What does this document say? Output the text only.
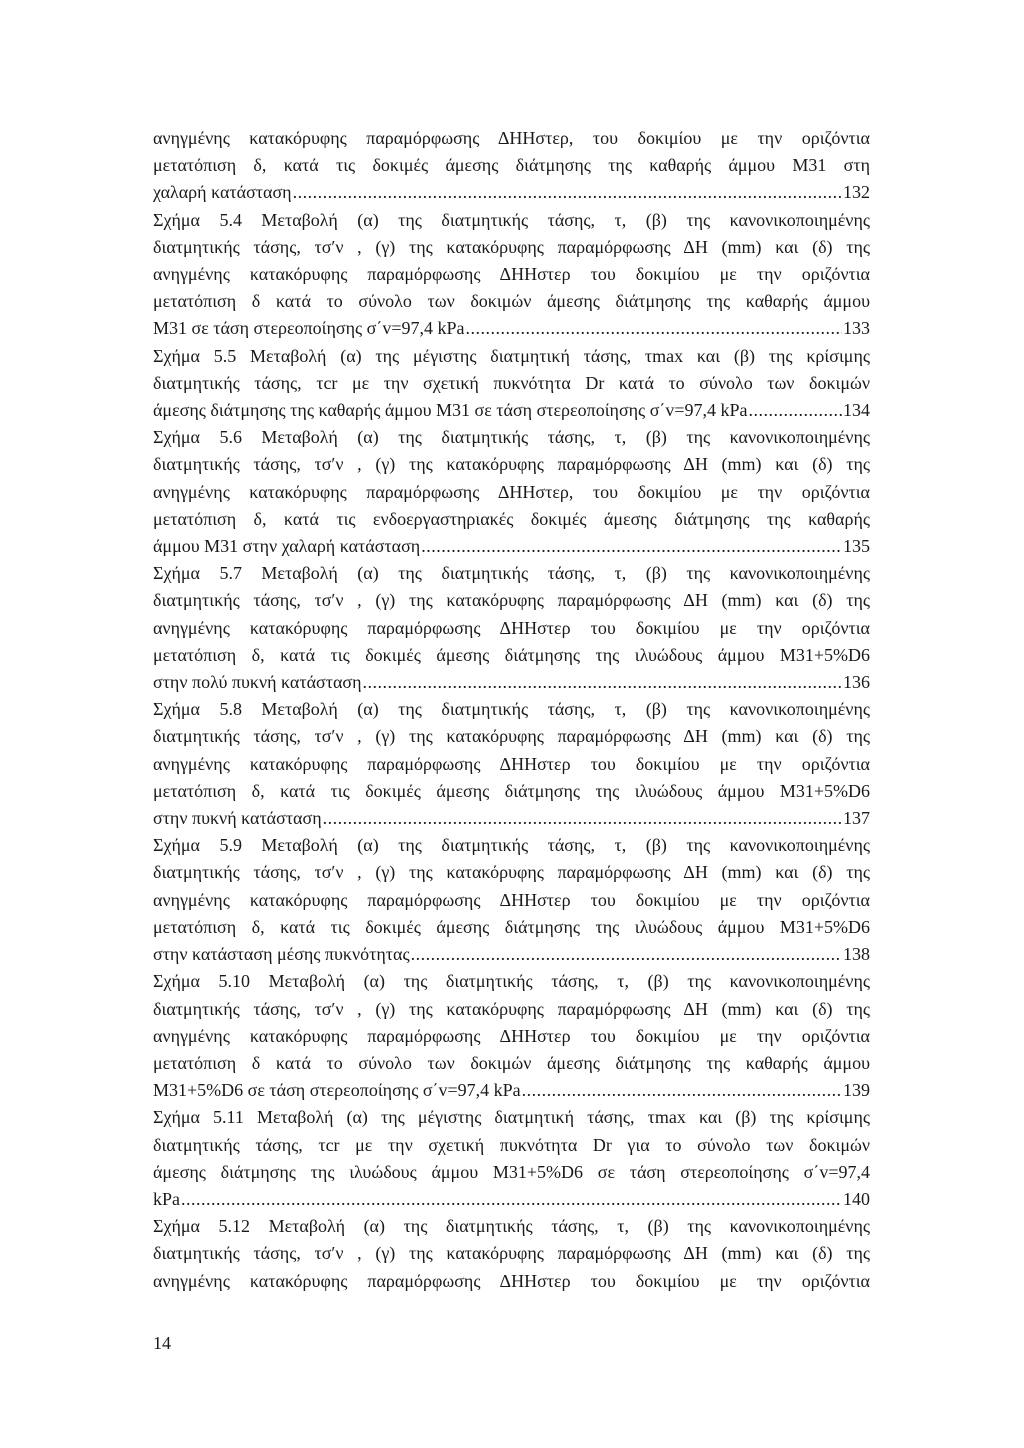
ανηγμένης κατακόρυφης παραμόρφωσης ΔΗΗστερ, του δοκιμίου με την οριζόντια
μετατόπιση δ, κατά τις δοκιμές άμεσης διάτμησης της καθαρής άμμου Μ31 στη
χαλαρή κατάσταση .....	132
Σχήμα 5.4 Μεταβολή (α) της διατμητικής τάσης, τ, (β) της κανονικοποιημένης
διατμητικής τάσης, τσ′ν , (γ) της κατακόρυφης παραμόρφωσης ΔΗ (mm) και (δ) της
ανηγμένης κατακόρυφης παραμόρφωσης ΔΗΗστερ του δοκιμίου με την οριζόντια
μετατόπιση δ κατά το σύνολο των δοκιμών άμεσης διάτμησης της καθαρής άμμου
Μ31 σε τάση στερεοποίησης σ΄v=97,4 kPa .....	133
Σχήμα 5.5 Μεταβολή (α) της μέγιστης διατμητική τάσης, τmax και (β) της κρίσιμης
διατμητικής τάσης, τcr με την σχετική πυκνότητα Dr κατά το σύνολο των δοκιμών
άμεσης διάτμησης της καθαρής άμμου Μ31 σε τάση στερεοποίησης σ΄v=97,4 kPa .....	134
Σχήμα 5.6 Μεταβολή (α) της διατμητικής τάσης, τ, (β) της κανονικοποιημένης
διατμητικής τάσης, τσ′ν , (γ) της κατακόρυφης παραμόρφωσης ΔΗ (mm) και (δ) της
ανηγμένης κατακόρυφης παραμόρφωσης ΔΗΗστερ, του δοκιμίου με την οριζόντια
μετατόπιση δ, κατά τις ενδοεργαστηριακές δοκιμές άμεσης διάτμησης της καθαρής
άμμου Μ31 στην χαλαρή κατάσταση .....	135
Σχήμα 5.7 Μεταβολή (α) της διατμητικής τάσης, τ, (β) της κανονικοποιημένης
διατμητικής τάσης, τσ′ν , (γ) της κατακόρυφης παραμόρφωσης ΔΗ (mm) και (δ) της
ανηγμένης κατακόρυφης παραμόρφωσης ΔΗΗστερ του δοκιμίου με την οριζόντια
μετατόπιση δ, κατά τις δοκιμές άμεσης διάτμησης της ιλυώδους άμμου Μ31+5%D6
στην πολύ πυκνή κατάσταση .....	136
Σχήμα 5.8 Μεταβολή (α) της διατμητικής τάσης, τ, (β) της κανονικοποιημένης
διατμητικής τάσης, τσ′ν , (γ) της κατακόρυφης παραμόρφωσης ΔΗ (mm) και (δ) της
ανηγμένης κατακόρυφης παραμόρφωσης ΔΗΗστερ του δοκιμίου με την οριζόντια
μετατόπιση δ, κατά τις δοκιμές άμεσης διάτμησης της ιλυώδους άμμου Μ31+5%D6
στην πυκνή κατάσταση .....	137
Σχήμα 5.9 Μεταβολή (α) της διατμητικής τάσης, τ, (β) της κανονικοποιημένης
διατμητικής τάσης, τσ′ν , (γ) της κατακόρυφης παραμόρφωσης ΔΗ (mm) και (δ) της
ανηγμένης κατακόρυφης παραμόρφωσης ΔΗΗστερ του δοκιμίου με την οριζόντια
μετατόπιση δ, κατά τις δοκιμές άμεσης διάτμησης της ιλυώδους άμμου Μ31+5%D6
στην κατάσταση μέσης πυκνότητας .....	138
Σχήμα 5.10 Μεταβολή (α) της διατμητικής τάσης, τ, (β) της κανονικοποιημένης
διατμητικής τάσης, τσ′ν , (γ) της κατακόρυφης παραμόρφωσης ΔΗ (mm) και (δ) της
ανηγμένης κατακόρυφης παραμόρφωσης ΔΗΗστερ του δοκιμίου με την οριζόντια
μετατόπιση δ κατά το σύνολο των δοκιμών άμεσης διάτμησης της καθαρής άμμου
Μ31+5%D6 σε τάση στερεοποίησης σ΄v=97,4 kPa .....	139
Σχήμα 5.11 Μεταβολή (α) της μέγιστης διατμητική τάσης, τmax και (β) της κρίσιμης
διατμητικής τάσης, τcr με την σχετική πυκνότητα Dr για το σύνολο των δοκιμών
άμεσης διάτμησης της ιλυώδους άμμου Μ31+5%D6 σε τάση στερεοποίησης σ΄v=97,4
kPa .....	140
Σχήμα 5.12 Μεταβολή (α) της διατμητικής τάσης, τ, (β) της κανονικοποιημένης
διατμητικής τάσης, τσ′ν , (γ) της κατακόρυφης παραμόρφωσης ΔΗ (mm) και (δ) της
ανηγμένης κατακόρυφης παραμόρφωσης ΔΗΗστερ του δοκιμίου με την οριζόντια
14
